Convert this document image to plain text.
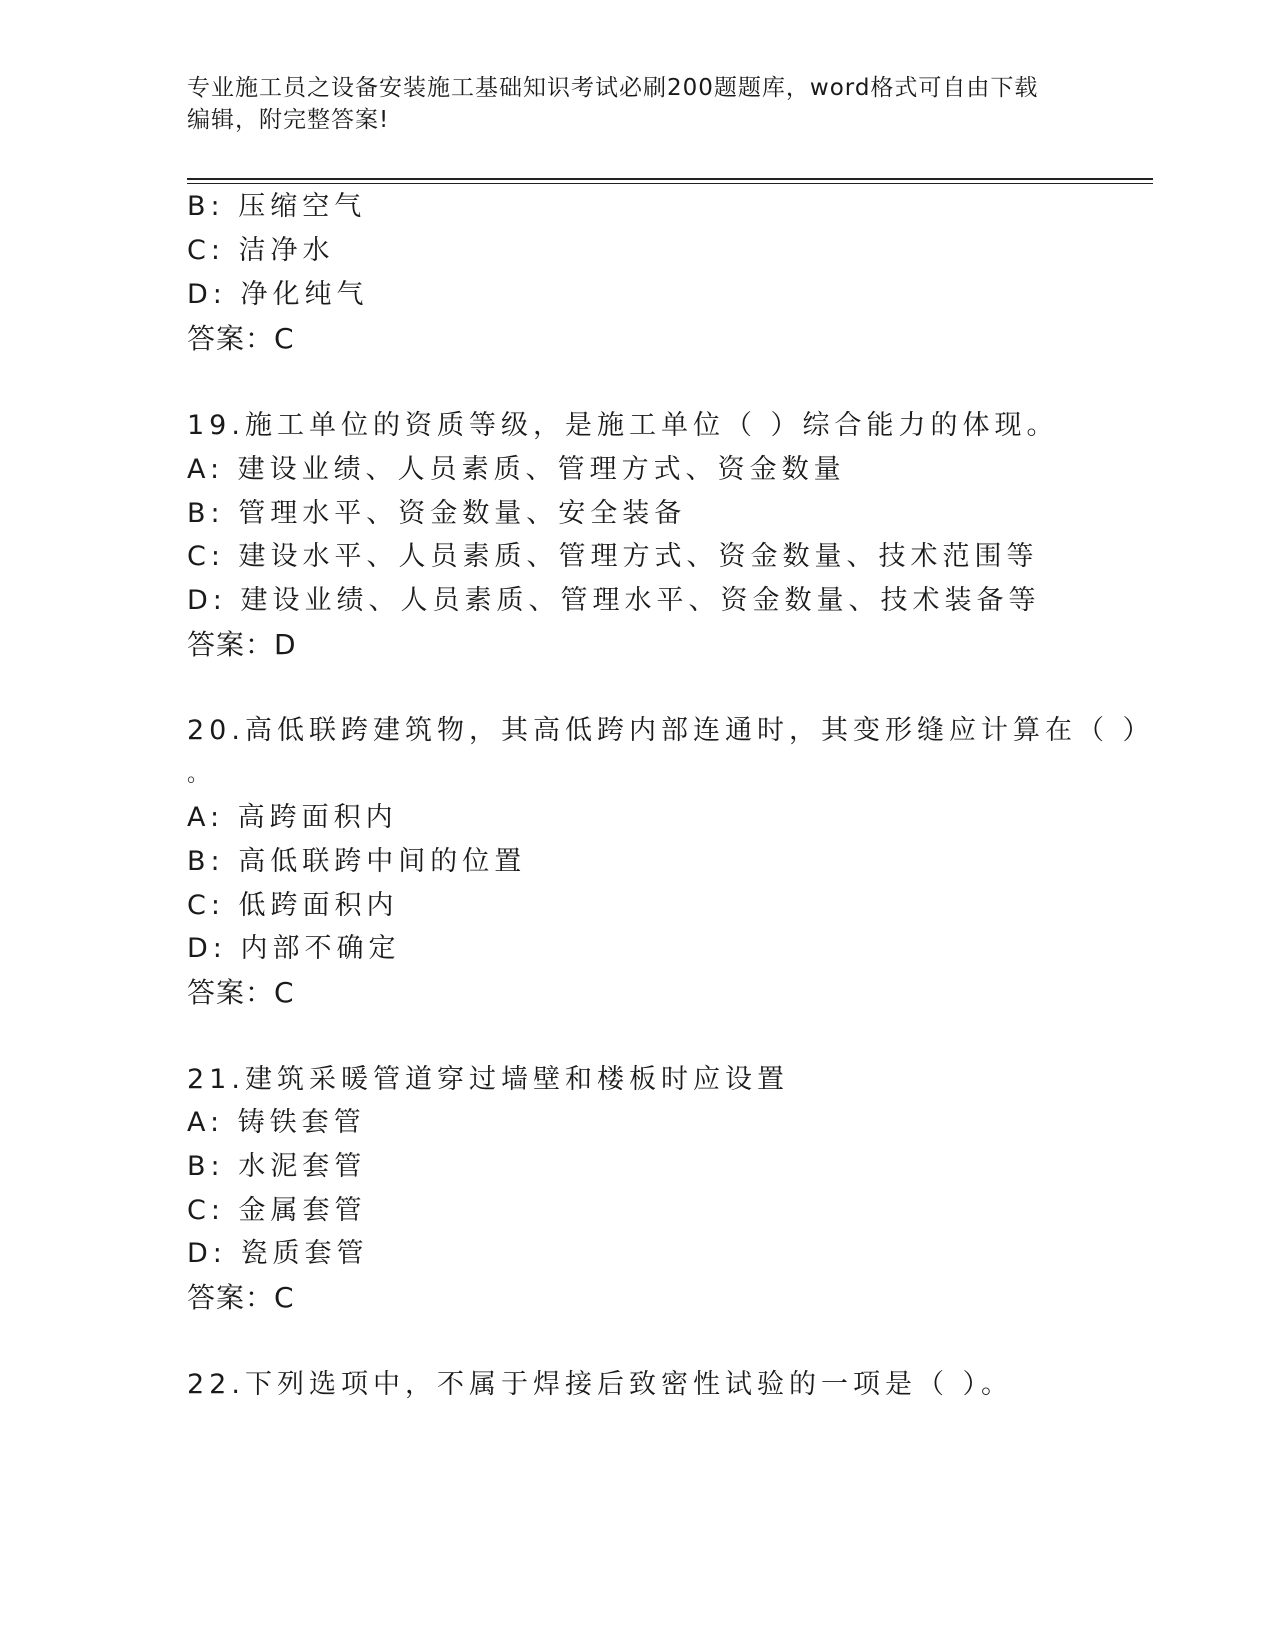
专业施工员之设备安装施工基础知识考试必刷200题题库，word格式可自由下载
编辑，附完整答案!
B: 压缩空气
C: 洁净水
D: 净化纯气
答案：C
19.施工单位的资质等级，是施工单位（ ）综合能力的体现。
A: 建设业绩、人员素质、管理方式、资金数量
B: 管理水平、资金数量、安全装备
C: 建设水平、人员素质、管理方式、资金数量、技术范围等
D: 建设业绩、人员素质、管理水平、资金数量、技术装备等
答案：D
20.高低联跨建筑物，其高低跨内部连通时，其变形缝应计算在（ ）
。
A: 高跨面积内
B: 高低联跨中间的位置
C: 低跨面积内
D: 内部不确定
答案：C
21.建筑采暖管道穿过墙壁和楼板时应设置
A: 铸铁套管
B: 水泥套管
C: 金属套管
D: 瓷质套管
答案：C
22.下列选项中，不属于焊接后致密性试验的一项是（ ）。
